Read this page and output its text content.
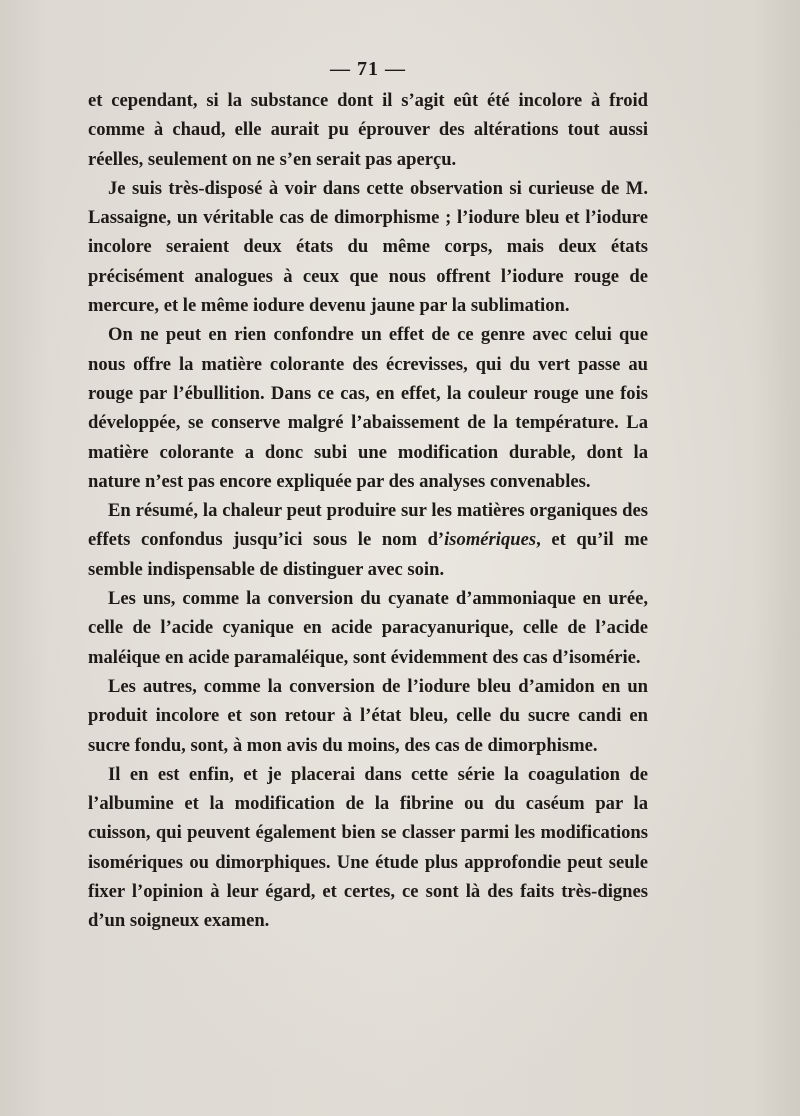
— 71 —

et cependant, si la substance dont il s’agit eût été incolore à froid comme à chaud, elle aurait pu éprouver des altérations tout aussi réelles, seulement on ne s’en serait pas aperçu.

Je suis très-disposé à voir dans cette observation si curieuse de M. Lassaigne, un véritable cas de dimorphisme ; l’iodure bleu et l’iodure incolore seraient deux états du même corps, mais deux états précisément analogues à ceux que nous offrent l’iodure rouge de mercure, et le même iodure devenu jaune par la sublimation.

On ne peut en rien confondre un effet de ce genre avec celui que nous offre la matière colorante des écrevisses, qui du vert passe au rouge par l’ébullition. Dans ce cas, en effet, la couleur rouge une fois développée, se conserve malgré l’abaissement de la température. La matière colorante a donc subi une modification durable, dont la nature n’est pas encore expliquée par des analyses convenables.

En résumé, la chaleur peut produire sur les matières organiques des effets confondus jusqu’ici sous le nom d’isomériques, et qu’il me semble indispensable de distinguer avec soin.

Les uns, comme la conversion du cyanate d’ammoniaque en urée, celle de l’acide cyanique en acide paracyanurique, celle de l’acide maléique en acide paramaléique, sont évidemment des cas d’isomérie.

Les autres, comme la conversion de l’iodure bleu d’amidon en un produit incolore et son retour à l’état bleu, celle du sucre candi en sucre fondu, sont, à mon avis du moins, des cas de dimorphisme.

Il en est enfin, et je placerai dans cette série la coagulation de l’albumine et la modification de la fibrine ou du caséum par la cuisson, qui peuvent également bien se classer parmi les modifications isomériques ou dimorphiques. Une étude plus approfondie peut seule fixer l’opinion à leur égard, et certes, ce sont là des faits très-dignes d’un soigneux examen.
